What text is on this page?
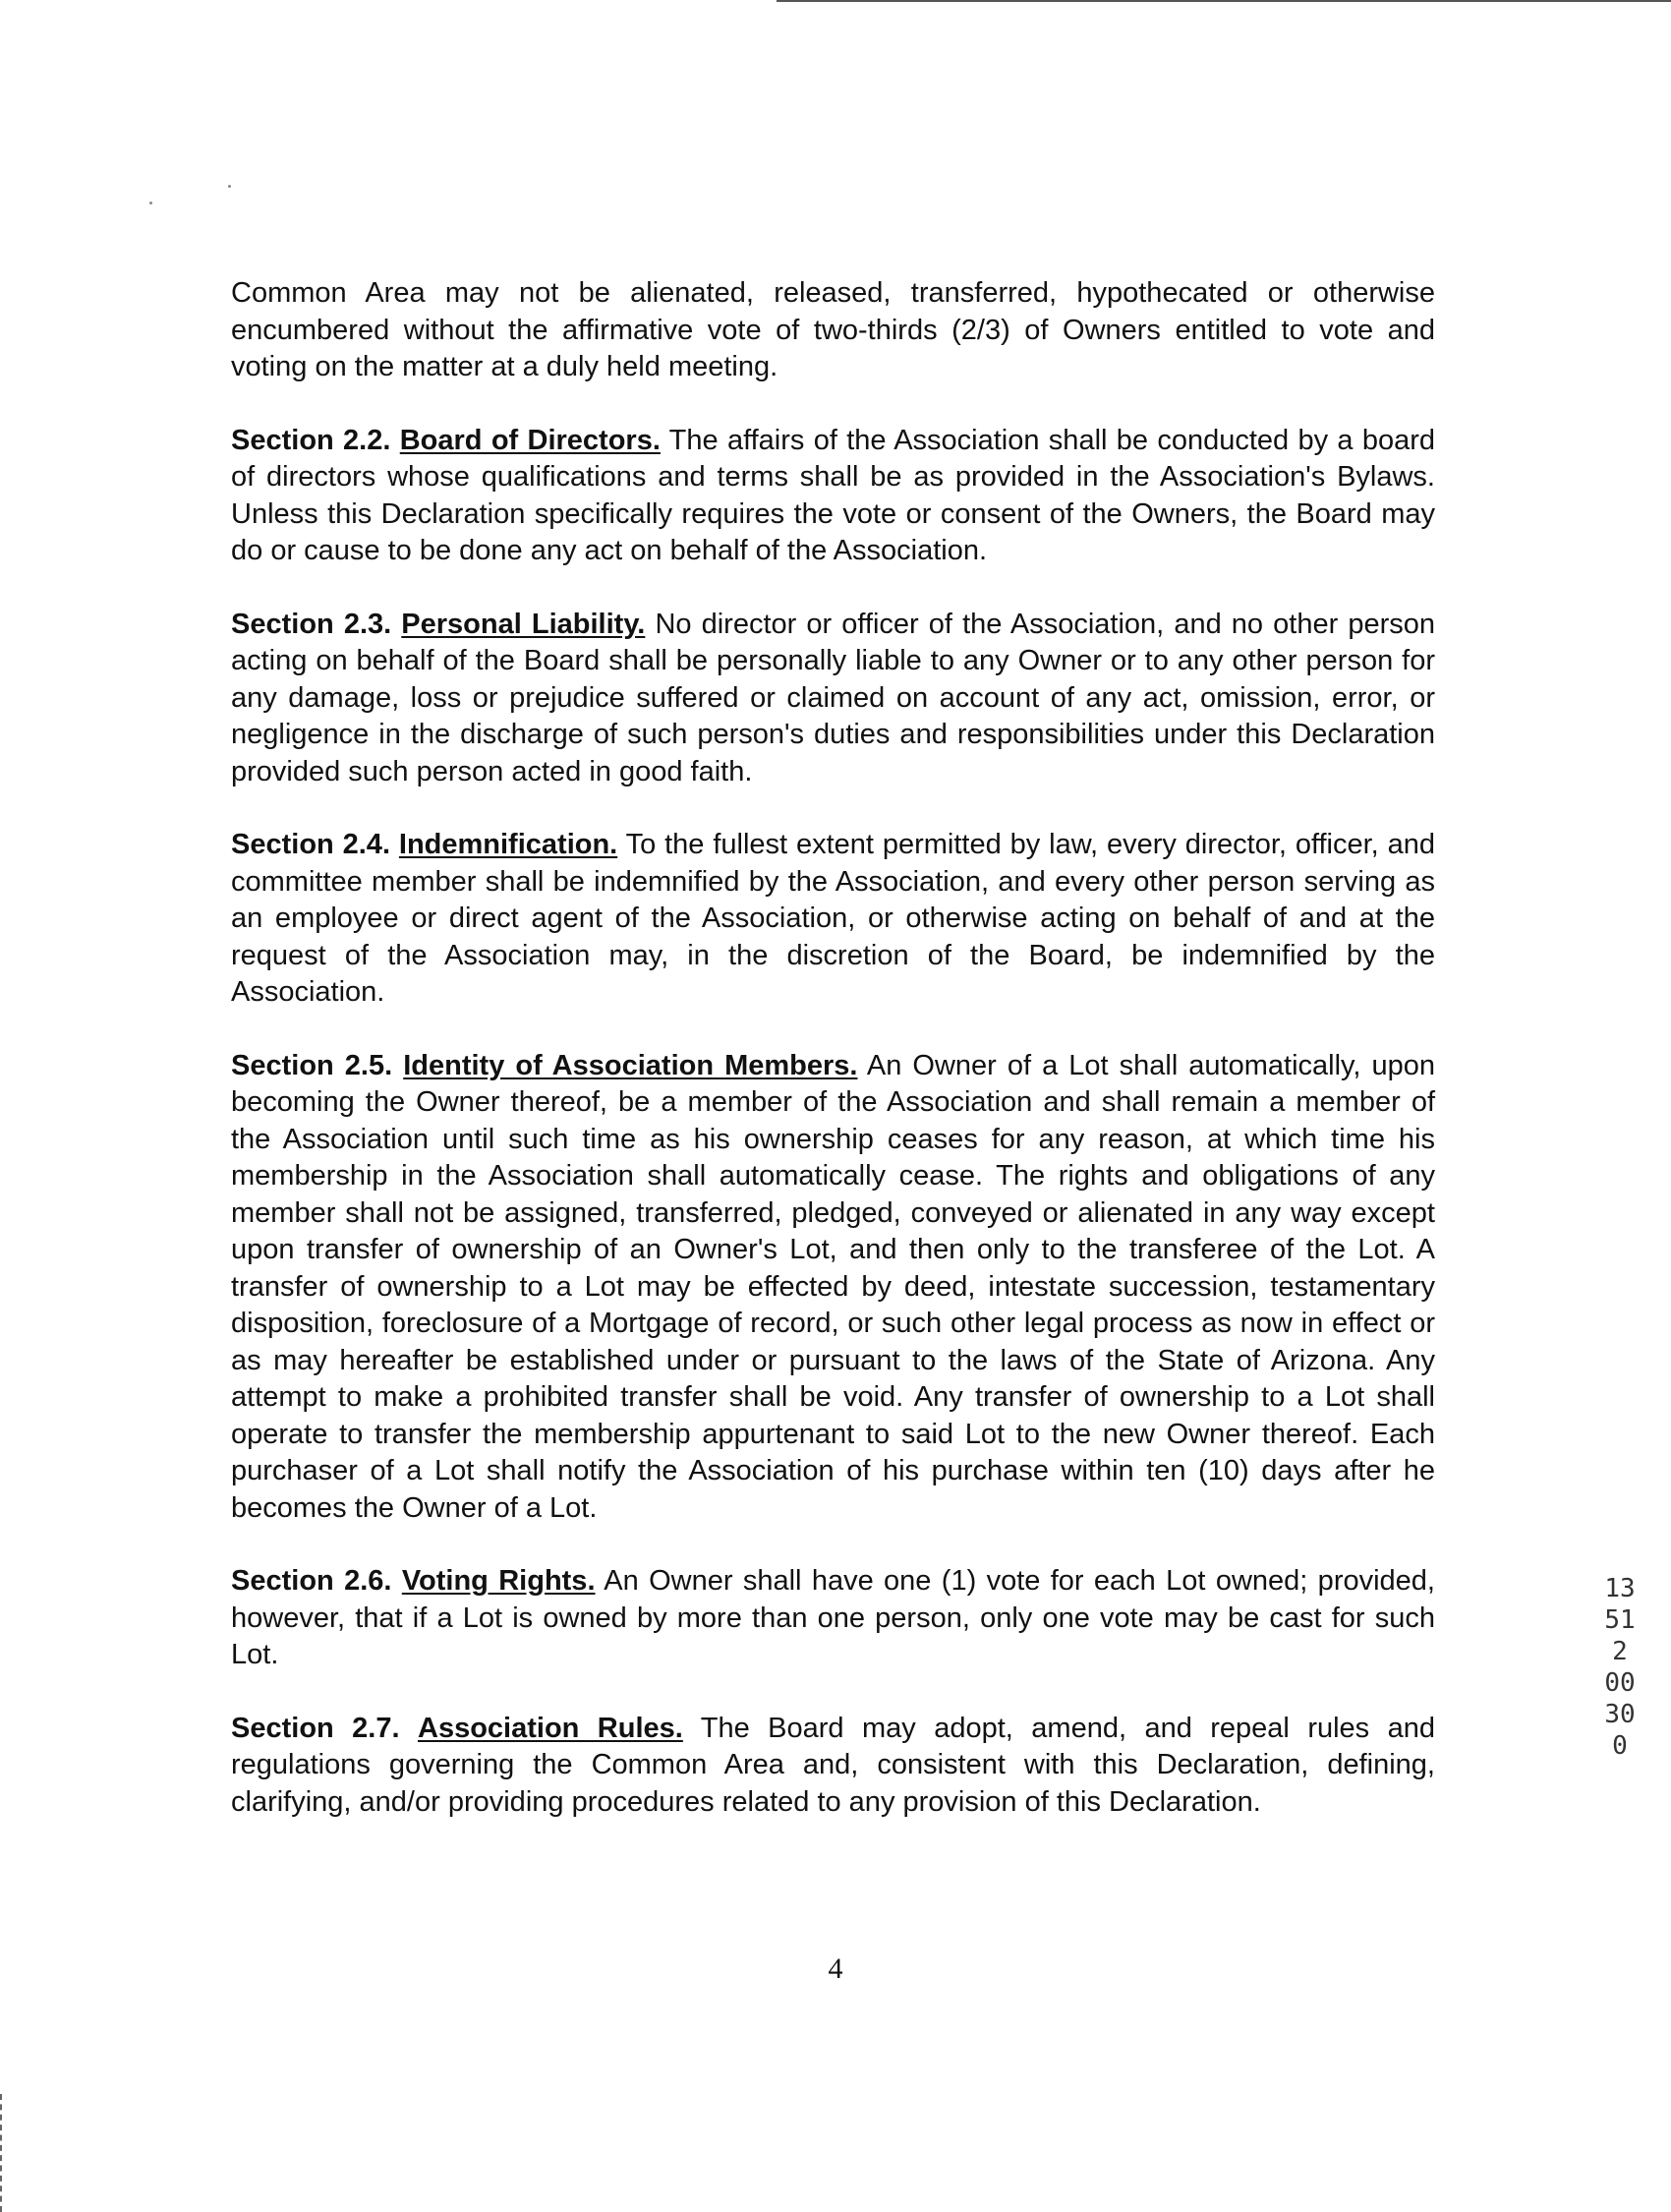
Common Area may not be alienated, released, transferred, hypothecated or otherwise encumbered without the affirmative vote of two-thirds (2/3) of Owners entitled to vote and voting on the matter at a duly held meeting.

Section 2.2. Board of Directors. The affairs of the Association shall be conducted by a board of directors whose qualifications and terms shall be as provided in the Association's Bylaws. Unless this Declaration specifically requires the vote or consent of the Owners, the Board may do or cause to be done any act on behalf of the Association.

Section 2.3. Personal Liability. No director or officer of the Association, and no other person acting on behalf of the Board shall be personally liable to any Owner or to any other person for any damage, loss or prejudice suffered or claimed on account of any act, omission, error, or negligence in the discharge of such person's duties and responsibilities under this Declaration provided such person acted in good faith.

Section 2.4. Indemnification. To the fullest extent permitted by law, every director, officer, and committee member shall be indemnified by the Association, and every other person serving as an employee or direct agent of the Association, or otherwise acting on behalf of and at the request of the Association may, in the discretion of the Board, be indemnified by the Association.

Section 2.5. Identity of Association Members. An Owner of a Lot shall automatically, upon becoming the Owner thereof, be a member of the Association and shall remain a member of the Association until such time as his ownership ceases for any reason, at which time his membership in the Association shall automatically cease. The rights and obligations of any member shall not be assigned, transferred, pledged, conveyed or alienated in any way except upon transfer of ownership of an Owner's Lot, and then only to the transferee of the Lot. A transfer of ownership to a Lot may be effected by deed, intestate succession, testamentary disposition, foreclosure of a Mortgage of record, or such other legal process as now in effect or as may hereafter be established under or pursuant to the laws of the State of Arizona. Any attempt to make a prohibited transfer shall be void. Any transfer of ownership to a Lot shall operate to transfer the membership appurtenant to said Lot to the new Owner thereof. Each purchaser of a Lot shall notify the Association of his purchase within ten (10) days after he becomes the Owner of a Lot.

Section 2.6. Voting Rights. An Owner shall have one (1) vote for each Lot owned; provided, however, that if a Lot is owned by more than one person, only one vote may be cast for such Lot.

Section 2.7. Association Rules. The Board may adopt, amend, and repeal rules and regulations governing the Common Area and, consistent with this Declaration, defining, clarifying, and/or providing procedures related to any provision of this Declaration.

13512 00300
4
